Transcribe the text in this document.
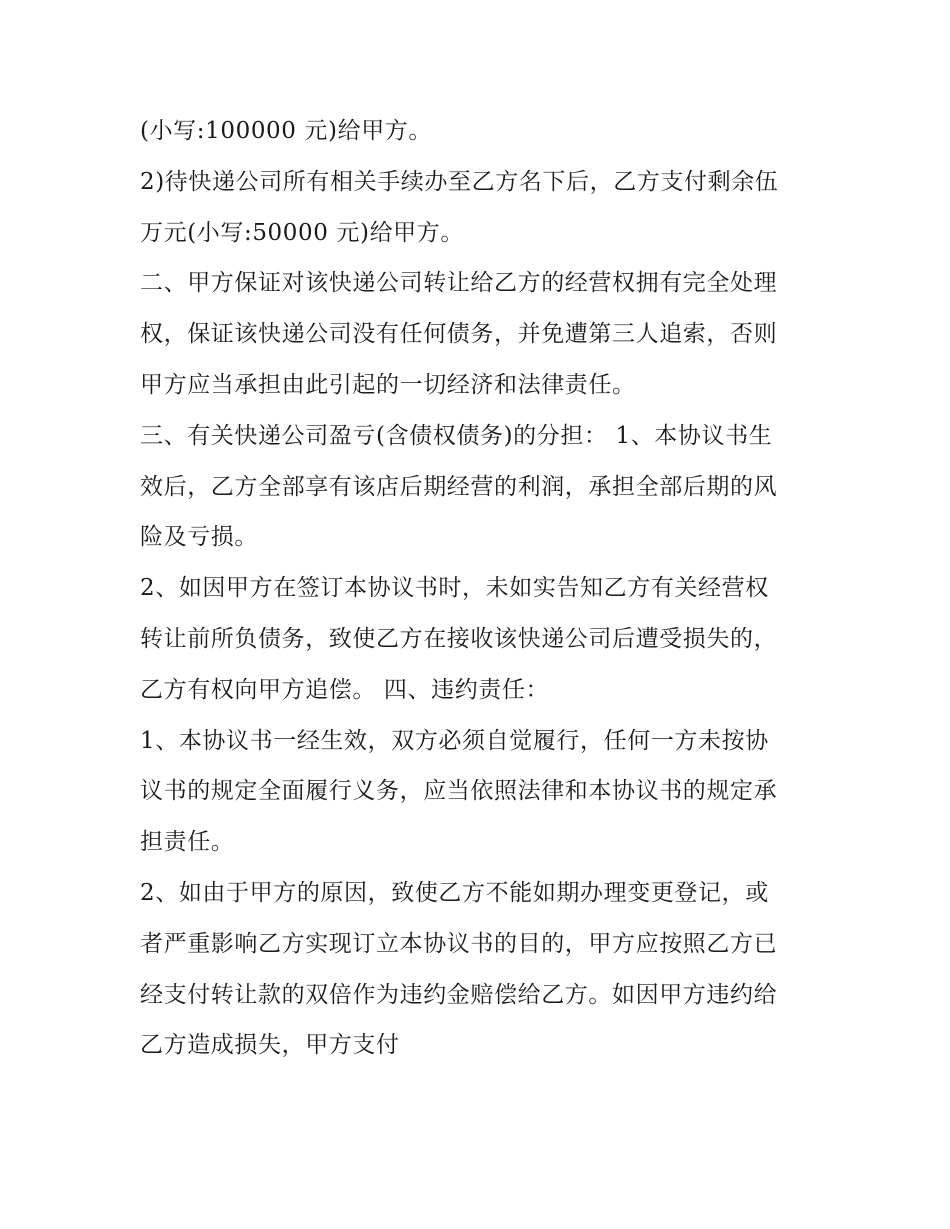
(小写:100000 元)给甲方。
2)待快递公司所有相关手续办至乙方名下后，乙方支付剩余伍
万元(小写:50000 元)给甲方。
二、甲方保证对该快递公司转让给乙方的经营权拥有完全处理
权，保证该快递公司没有任何债务，并免遭第三人追索，否则
甲方应当承担由此引起的一切经济和法律责任。
三、有关快递公司盈亏(含债权债务)的分担： 1、本协议书生
效后，乙方全部享有该店后期经营的利润，承担全部后期的风
险及亏损。
2、如因甲方在签订本协议书时，未如实告知乙方有关经营权
转让前所负债务，致使乙方在接收该快递公司后遭受损失的，
乙方有权向甲方追偿。 四、违约责任：
1、本协议书一经生效，双方必须自觉履行，任何一方未按协
议书的规定全面履行义务，应当依照法律和本协议书的规定承
担责任。
2、如由于甲方的原因，致使乙方不能如期办理变更登记，或
者严重影响乙方实现订立本协议书的目的，甲方应按照乙方已
经支付转让款的双倍作为违约金赔偿给乙方。如因甲方违约给
乙方造成损失，甲方支付
